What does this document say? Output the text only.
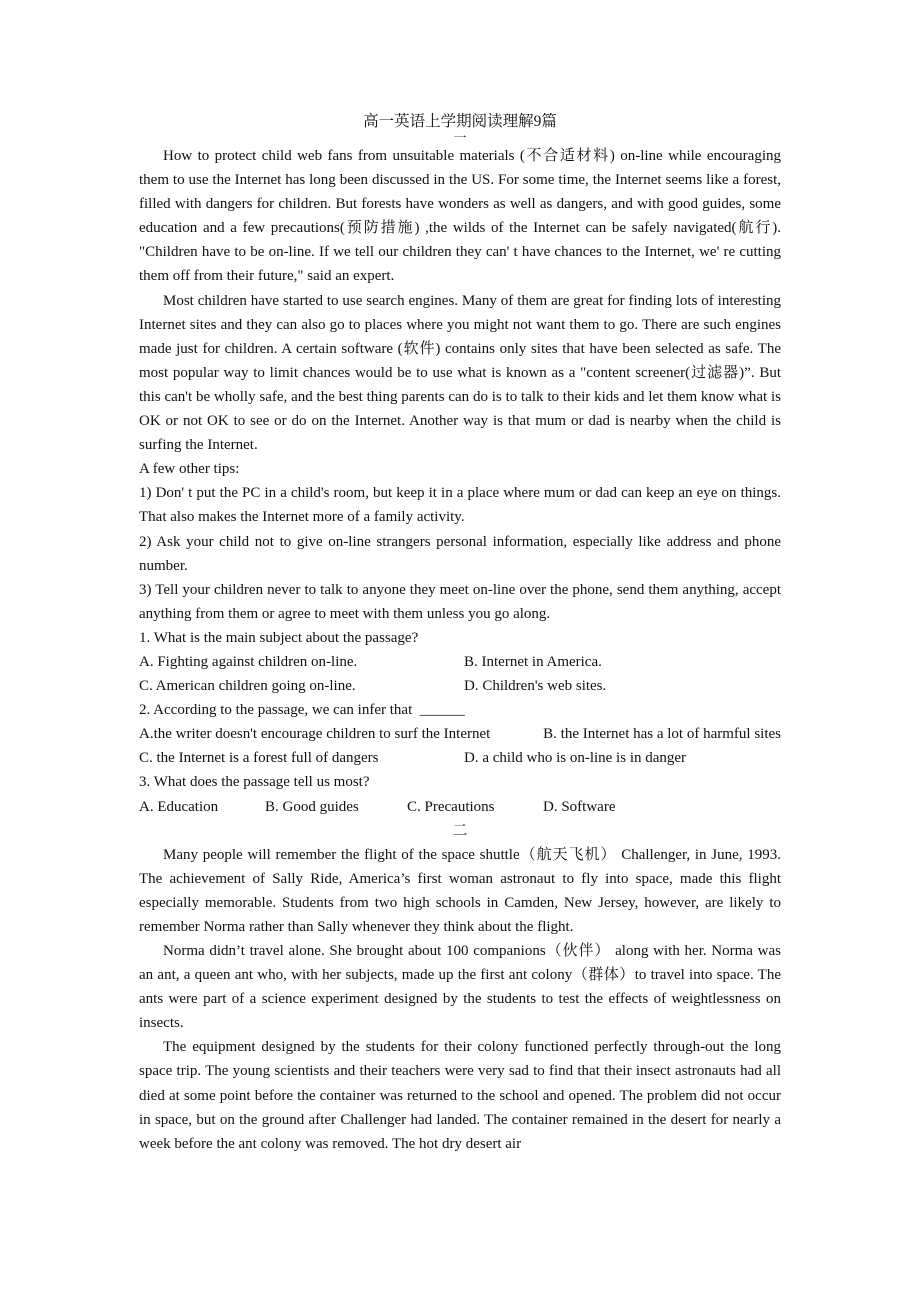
高一英语上学期阅读理解9篇
一

How to protect child web fans from unsuitable materials (不合适材料) on-line while encouraging them to use the Internet has long been discussed in the US. For some time, the Internet seems like a forest, filled with dangers for children. But forests have wonders as well as dangers, and with good guides, some education and a few precautions(预防措施) ,the wilds of the Internet can be safely navigated(航行). "Children have to be on-line. If we tell our children they can' t have chances to the Internet, we' re cutting them off from their future," said an expert.

Most children have started to use search engines. Many of them are great for finding lots of interesting Internet sites and they can also go to places where you might not want them to go. There are such engines made just for children. A certain software (软件) contains only sites that have been selected as safe. The most popular way to limit chances would be to use what is known as a "content screener(过滤器)”. But this can't be wholly safe, and the best thing parents can do is to talk to their kids and let them know what is OK or not OK to see or do on the Internet. Another way is that mum or dad is nearby when the child is surfing the Internet.

A few other tips:

1) Don' t put the PC in a child's room, but keep it in a place where mum or dad can keep an eye on things. That also makes the Internet more of a family activity.

2) Ask your child not to give on-line strangers personal information, especially like address and phone number.

3) Tell your children never to talk to anyone they meet on-line over the phone, send them anything, accept anything from them or agree to meet with them unless you go along.

1. What is the main subject about the passage?

A. Fighting against children on-line.	B. Internet in America.
C. American children going on-line.	D. Children's web sites.

2. According to the passage, we can infer that ______

A.the writer doesn't encourage children to surf the Internet	B. the Internet has a lot of harmful sites
C. the Internet is a forest full of dangers	D. a child who is on-line is in danger

3. What does the passage tell us most?

A. Education	B. Good guides	C. Precautions	D. Software
二

Many people will remember the flight of the space shuttle（航天飞机） Challenger, in June, 1993. The achievement of Sally Ride, America’s first woman astronaut to fly into space, made this flight especially memorable. Students from two high schools in Camden, New Jersey, however, are likely to remember Norma rather than Sally whenever they think about the flight.

Norma didn’t travel alone. She brought about 100 companions（伙伴） along with her. Norma was an ant, a queen ant who, with her subjects, made up the first ant colony（群体）to travel into space. The ants were part of a science experiment designed by the students to test the effects of weightlessness on insects.

The equipment designed by the students for their colony functioned perfectly through-out the long space trip. The young scientists and their teachers were very sad to find that their insect astronauts had all died at some point before the container was returned to the school and opened. The problem did not occur in space, but on the ground after Challenger had landed. The container remained in the desert for nearly a week before the ant colony was removed. The hot dry desert air
